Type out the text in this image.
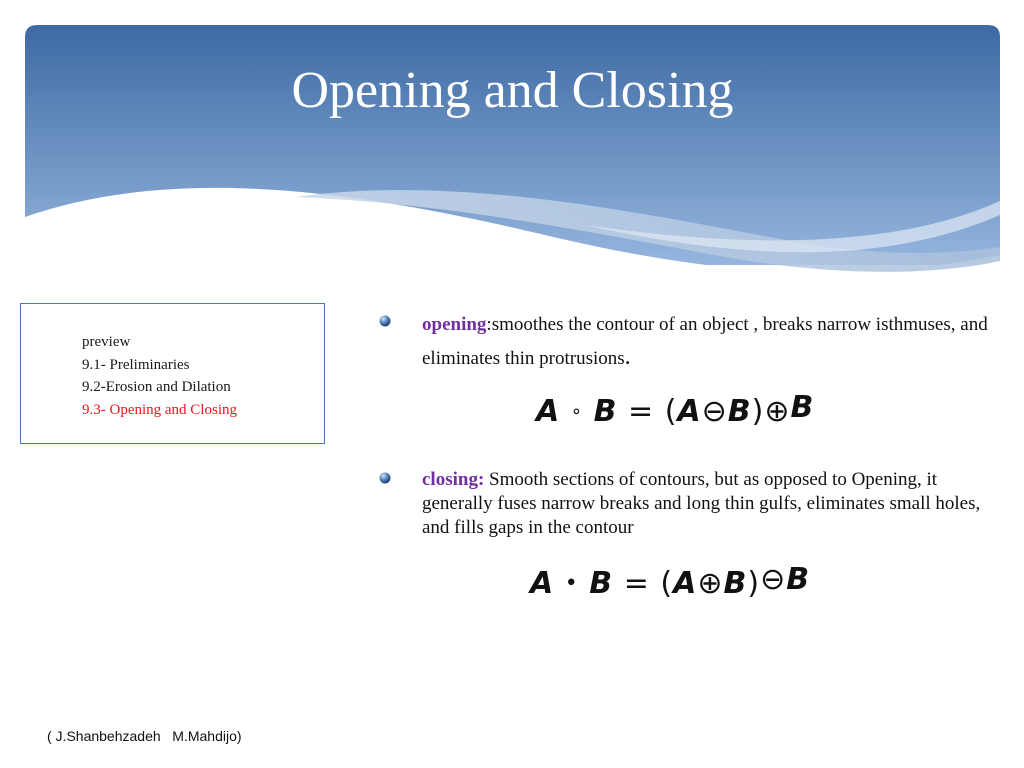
Opening and Closing
preview
9.1- Preliminaries
9.2-Erosion and Dilation
9.3- Opening and Closing
opening:smoothes the contour of an object , breaks narrow isthmuses, and eliminates thin protrusions.
A ∘ B = (A⊖B)⊕B
closing: Smooth sections of contours, but as opposed to Opening, it generally fuses narrow breaks and long thin gulfs, eliminates small holes, and fills gaps in the contour
A • B = (A⊕B)⊖B
( J.Shanbehzadeh   M.Mahdijo)
